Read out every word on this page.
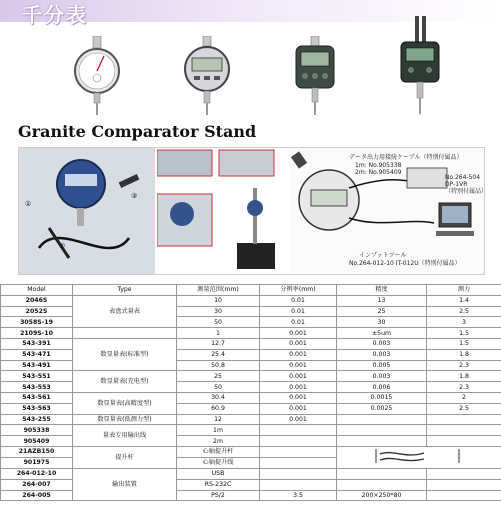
千分表
Granite Comparator Stand
①
②
③
データ出力用接続ケーブル（特別付属品）
1m: No.905338
2m: No.905409
No.264-504
DP-1VR
（特別付属品）
インプットツール
No.264-012-10 IT-012U（特別付属品）
Model	Type	测量范围(mm)	分辨率(mm)	精度	测力
2046S	表盘式量表	10	0.01	13	1.4
2052S		30	0.01	25	2.5
3058S-19		50	0.01	30	3
2109S-10		1	0.001	±5um	1.5
543-391	数显量表(标准型)	12.7	0.001	0.003	1.5
543-471		25.4	0.001	0.003	1.8
543-491		50.8	0.001	0.005	2.3
543-551	数显量表(充电型)	25	0.001	0.003	1.8
543-553		50	0.001	0.006	2.3
543-561	数显量表(高精度型)	30.4	0.001	0.0015	2
543-563		60.9	0.001	0.0025	2.5
543-255	数显量表(低测力型)	12	0.001		
905338	量表专用输出线	1m			
905409		2m			
21AZB150	提升杆	心轴提升杆		
901975		心轴提升线			
264-012-10	输出装置	USB			
264-007		RS-232C			
264-005		PS/2	3.5	200×250*80	
